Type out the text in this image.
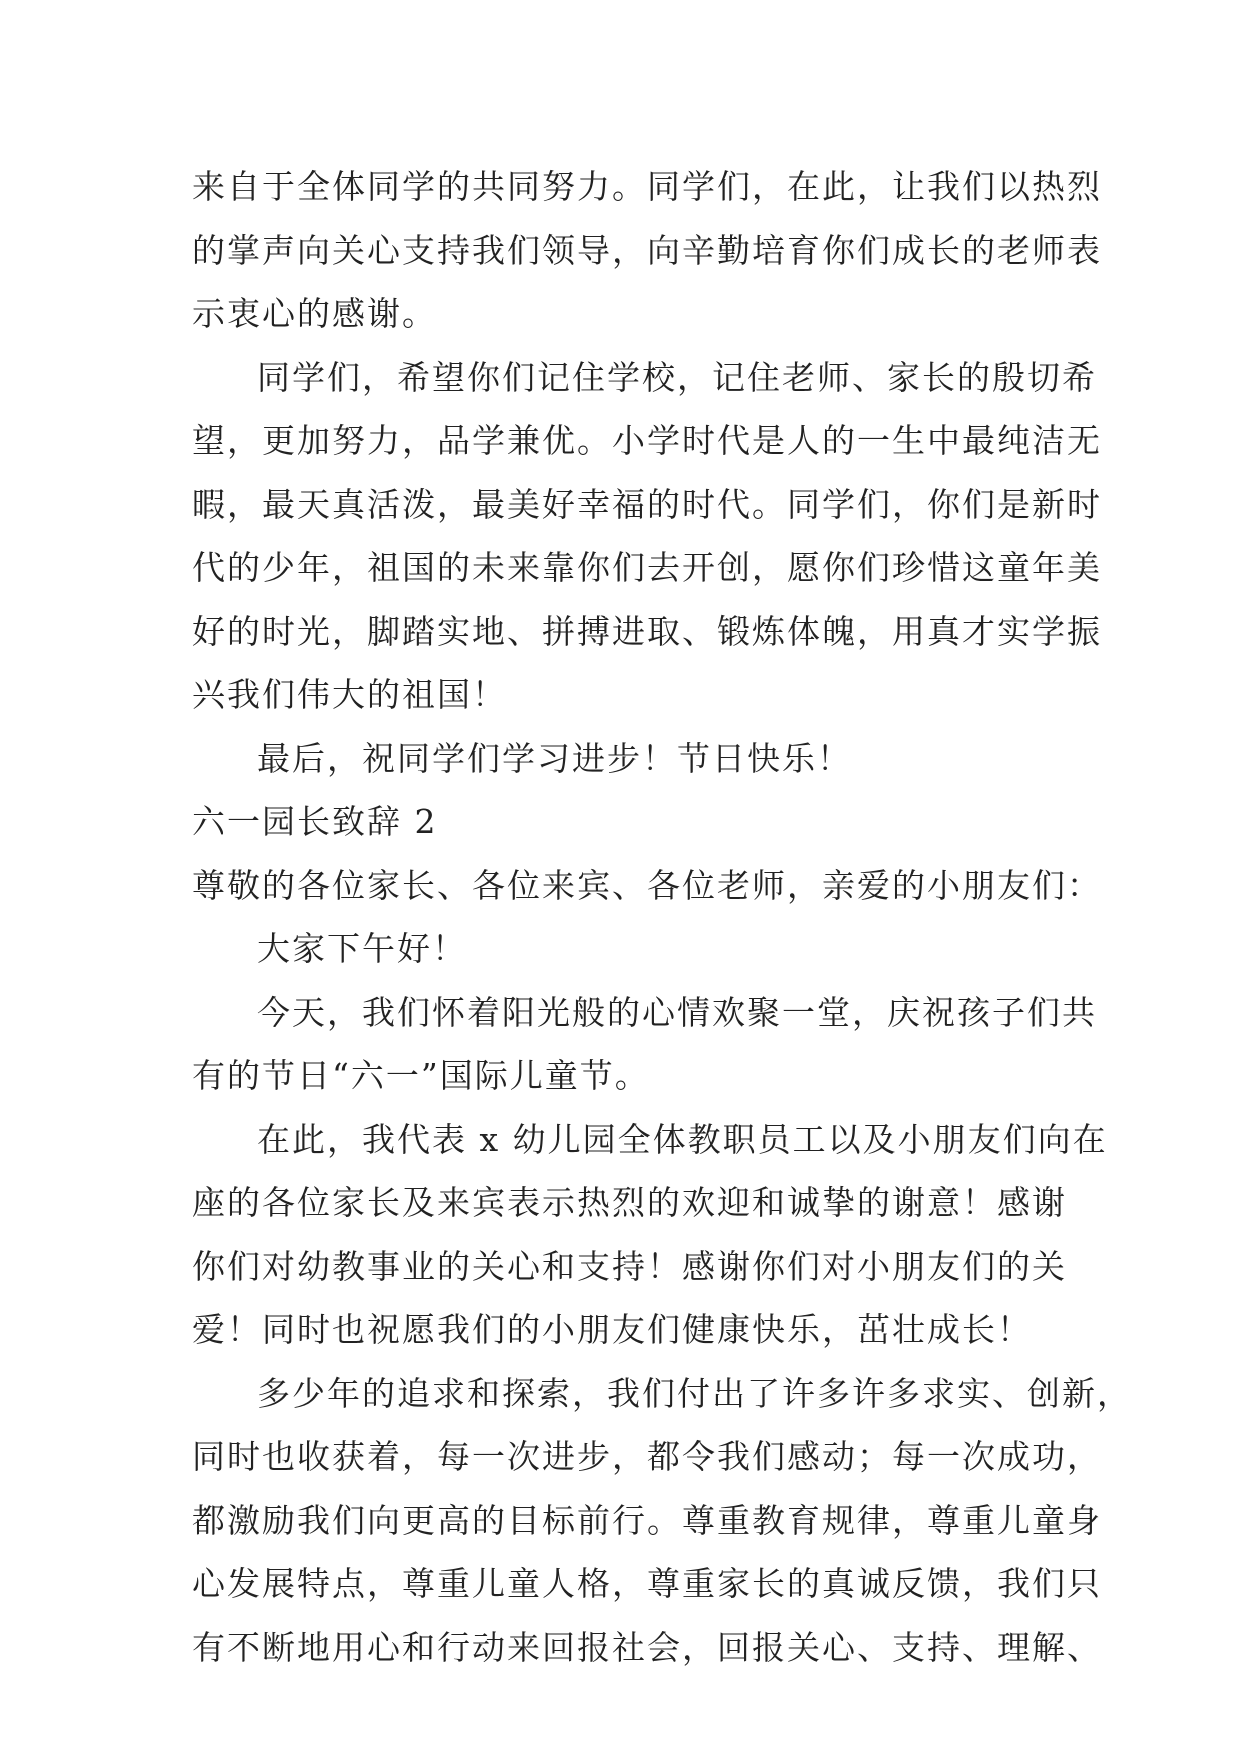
来自于全体同学的共同努力。同学们，在此，让我们以热烈

的掌声向关心支持我们领导，向辛勤培育你们成长的老师表

示衷心的感谢。

同学们，希望你们记住学校，记住老师、家长的殷切希

望，更加努力，品学兼优。小学时代是人的一生中最纯洁无

暇，最天真活泼，最美好幸福的时代。同学们，你们是新时

代的少年，祖国的未来靠你们去开创，愿你们珍惜这童年美

好的时光，脚踏实地、拼搏进取、锻炼体魄，用真才实学振

兴我们伟大的祖国！

最后，祝同学们学习进步！节日快乐！

六一园长致辞 2

尊敬的各位家长、各位来宾、各位老师，亲爱的小朋友们：

大家下午好！

今天，我们怀着阳光般的心情欢聚一堂，庆祝孩子们共

有的节日“六一”国际儿童节。

在此，我代表 x 幼儿园全体教职员工以及小朋友们向在

座的各位家长及来宾表示热烈的欢迎和诚挚的谢意！感谢

你们对幼教事业的关心和支持！感谢你们对小朋友们的关

爱！同时也祝愿我们的小朋友们健康快乐，茁壮成长！

多少年的追求和探索，我们付出了许多许多求实、创新，

同时也收获着，每一次进步，都令我们感动；每一次成功，

都激励我们向更高的目标前行。尊重教育规律，尊重儿童身

心发展特点，尊重儿童人格，尊重家长的真诚反馈，我们只

有不断地用心和行动来回报社会，回报关心、支持、理解、
